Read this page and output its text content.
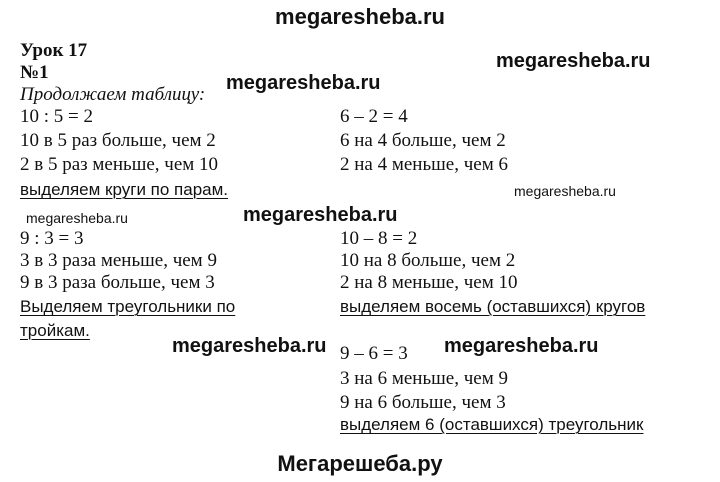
megaresheba.ru
megaresheba.ru
megaresheba.ru
megaresheba.ru
megaresheba.ru	megaresheba.ru
megaresheba.ru	megaresheba.ru
Мегарешеба.ру
Урок 17
№1
Продолжаем таблицу:
10 : 5 = 2
10 в 5 раз больше, чем 2
2 в 5 раз меньше, чем 10
выделяем круги по парам.
6 – 2 = 4
6 на 4 больше, чем 2
2 на 4 меньше, чем 6
9 : 3 = 3
3 в 3 раза меньше, чем 9
9 в 3 раза больше, чем 3
Выделяем треугольники по
тройкам.
10 – 8 = 2
10 на 8 больше, чем 2
2 на 8 меньше, чем 10
выделяем восемь (оставшихся) кругов
9 – 6 = 3
3 на 6 меньше, чем 9
9 на 6 больше, чем 3
выделяем 6 (оставшихся) треугольник
